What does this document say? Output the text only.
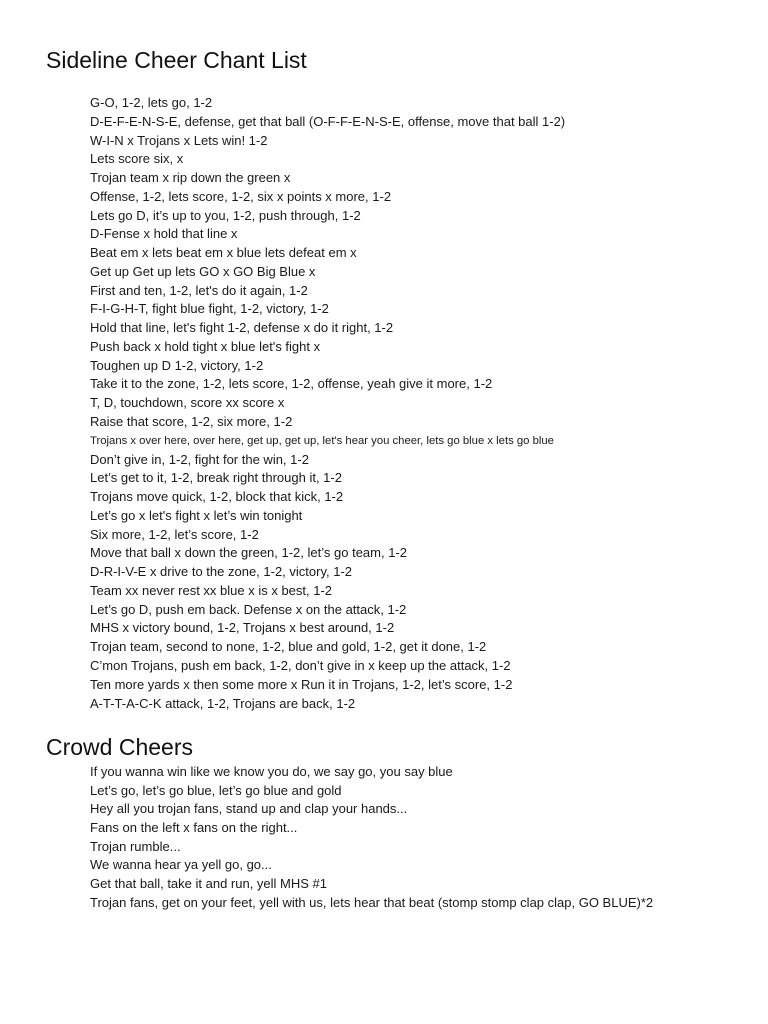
Sideline Cheer Chant List
G-O, 1-2, lets go, 1-2
D-E-F-E-N-S-E, defense, get that ball (O-F-F-E-N-S-E, offense, move that ball 1-2)
W-I-N x Trojans x Lets win! 1-2
Lets score six, x
Trojan team x rip down the green x
Offense, 1-2, lets score, 1-2, six x points x more, 1-2
Lets go D, it’s up to you, 1-2, push through, 1-2
D-Fense x hold that line x
Beat em x lets beat em x blue lets defeat em x
Get up Get up lets GO x GO Big Blue x
First and ten, 1-2, let's do it again, 1-2
F-I-G-H-T, fight blue fight, 1-2, victory, 1-2
Hold that line, let's fight 1-2, defense x do it right, 1-2
Push back x hold tight x blue let's fight x
Toughen up D 1-2, victory, 1-2
Take it to the zone, 1-2, lets score, 1-2, offense, yeah give it more, 1-2
T, D, touchdown, score xx score x
Raise that score, 1-2, six more, 1-2
Trojans x over here, over here, get up, get up, let's hear you cheer, lets go blue x lets go blue
Don’t give in, 1-2, fight for the win, 1-2
Let’s get to it, 1-2, break right through it, 1-2
Trojans move quick, 1-2, block that kick, 1-2
Let’s go x let's fight x let’s win tonight
Six more, 1-2, let’s score, 1-2
Move that ball x down the green, 1-2, let’s go team, 1-2
D-R-I-V-E x drive to the zone, 1-2, victory, 1-2
Team xx never rest xx blue x is x best, 1-2
Let’s go D, push em back. Defense x on the attack, 1-2
MHS x victory bound, 1-2, Trojans x best around, 1-2
Trojan team, second to none, 1-2, blue and gold, 1-2, get it done, 1-2
C’mon Trojans, push em back, 1-2, don’t give in x keep up the attack, 1-2
Ten more yards x then some more x Run it in Trojans, 1-2, let’s score, 1-2
A-T-T-A-C-K attack, 1-2, Trojans are back, 1-2
Crowd Cheers
If you wanna win like we know you do, we say go, you say blue
Let’s go, let’s go blue, let’s go blue and gold
Hey all you trojan fans, stand up and clap your hands...
Fans on the left x fans on the right...
Trojan rumble...
We wanna hear ya yell go, go...
Get that ball, take it and run, yell MHS #1
Trojan fans, get on your feet, yell with us, lets hear that beat (stomp stomp clap clap, GO BLUE)*2
